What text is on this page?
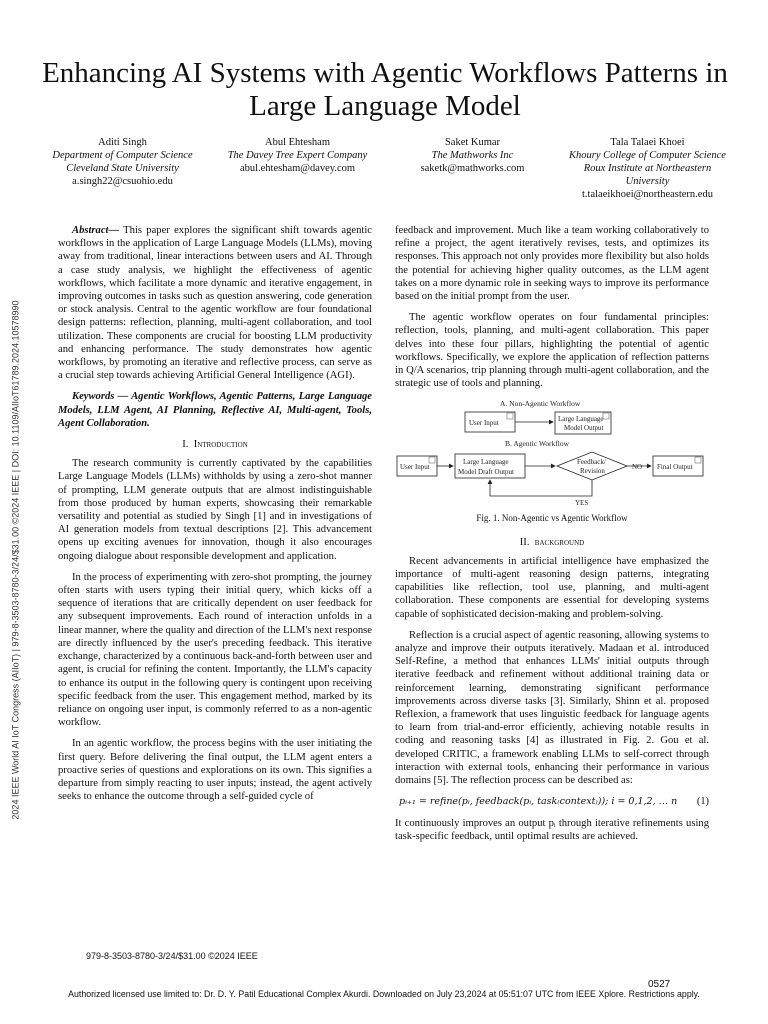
2024 IEEE World AI IoT Congress (AIIoT) | 979-8-3503-8780-3/24/$31.00 ©2024 IEEE | DOI: 10.1109/AIIoT61789.2024.10578990
Enhancing AI Systems with Agentic Workflows Patterns in Large Language Model
Aditi Singh
Department of Computer Science Cleveland State University
a.singh22@csuohio.edu
Abul Ehtesham
The Davey Tree Expert Company
abul.ehtesham@davey.com
Saket Kumar
The Mathworks Inc
saketk@mathworks.com
Tala Talaei Khoei
Khoury College of Computer Science Roux Institute at Northeastern University
t.talaeikhoei@northeastern.edu

Abstract— This paper explores the significant shift towards agentic workflows in the application of Large Language Models (LLMs), moving away from traditional, linear interactions between users and AI. Through a case study analysis, we highlight the effectiveness of agentic workflows, which facilitate a more dynamic and iterative engagement, in improving outcomes in tasks such as question answering, code generation or stock analysis. Central to the agentic workflow are four foundational design patterns: reflection, planning, multi-agent collaboration, and tool utilization. These components are crucial for boosting LLM productivity and enhancing performance. The study demonstrates how agentic workflows, by promoting an iterative and reflective process, can serve as a crucial step towards achieving Artificial General Intelligence (AGI).

Keywords — Agentic Workflows, Agentic Patterns, Large Language Models, LLM Agent, AI Planning, Reflective AI, Multi-agent, Tools, Agent Collaboration.

I. Introduction

The research community is currently captivated by the capabilities Large Language Models (LLMs) withholds by using a zero-shot manner of prompting, LLM generate outputs that are almost indistinguishable from those produced by human experts, showcasing their remarkable versatility and potential as studied by Singh [1] and in investigations of AI generation models from textual descriptions [2]. This advancement opens up exciting avenues for innovation, though it also encourages ongoing dialogue about responsible development and application.

In the process of experimenting with zero-shot prompting, the journey often starts with users typing their initial query, which kicks off a sequence of iterations that are critically dependent on user feedback for any subsequent improvements. Each round of interaction unfolds in a linear manner, where the quality and direction of the LLM's next response are directly influenced by the user's preceding feedback. This iterative exchange, characterized by a continuous back-and-forth between user and agent, is crucial for refining the content. Importantly, the LLM's capacity to enhance its output in the following query is contingent upon receiving specific feedback from the user. This engagement method, marked by its reliance on ongoing user input, is commonly referred to as a non-agentic workflow.

In an agentic workflow, the process begins with the user initiating the first query. Before delivering the final output, the LLM agent enters a proactive series of questions and explorations on its own. This signifies a departure from simply reacting to user inputs; instead, the agent actively seeks to enhance the outcome through a self-guided cycle of

feedback and improvement. Much like a team working collaboratively to refine a project, the agent iteratively revises, tests, and optimizes its responses. This approach not only provides more flexibility but also holds the potential for achieving higher quality outcomes, as the LLM agent takes on a more dynamic role in seeking ways to improve its performance based on the initial prompt from the user.

The agentic workflow operates on four fundamental principles: reflection, tools, planning, and multi-agent collaboration. This paper delves into these four pillars, highlighting the potential of agentic workflows. Specifically, we explore the application of reflection patterns in Q/A scenarios, trip planning through multi-agent collaboration, and the strategic use of tools and planning.

A. Non-Agentic Workflow
User Input	Large Language
Model Output
B. Agentic Workflow
User Input
Large Language
Model Draft Output
Feedback/
Revision	NO Final Output
YES
Fig. 1. Non-Agentic vs Agentic Workflow
II. background

Recent advancements in artificial intelligence have emphasized the importance of multi-agent reasoning design patterns, integrating capabilities like reflection, tool use, planning, and multi-agent collaboration. These components are essential for developing systems capable of sophisticated decision-making and problem-solving.

Reflection is a crucial aspect of agentic reasoning, allowing systems to analyze and improve their outputs iteratively. Madaan et al. introduced Self-Refine, a method that enhances LLMs' initial outputs through iterative feedback and refinement without additional training data or reinforcement learning, demonstrating significant performance improvements across diverse tasks [3]. Similarly, Shinn et al. proposed Reflexion, a framework that uses linguistic feedback for language agents to learn from trial-and-error efficiently, achieving notable results in coding and reasoning tasks [4] as illustrated in Fig. 2. Gou et al. developed CRITIC, a framework enabling LLMs to self-correct through interaction with external tools, enhancing their performance in various domains [5]. The reflection process can be described as:

pᵢ₊₁ = refine(pᵢ, feedback(pᵢ, task₍context₎)); i = 0,1,2, … n (1)

It continuously improves an output pᵢ through iterative refinements using task-specific feedback, until optimal results are achieved.

979-8-3503-8780-3/24/$31.00 ©2024 IEEE
0527
Authorized licensed use limited to: Dr. D. Y. Patil Educational Complex Akurdi. Downloaded on July 23,2024 at 05:51:07 UTC from IEEE Xplore. Restrictions apply.
